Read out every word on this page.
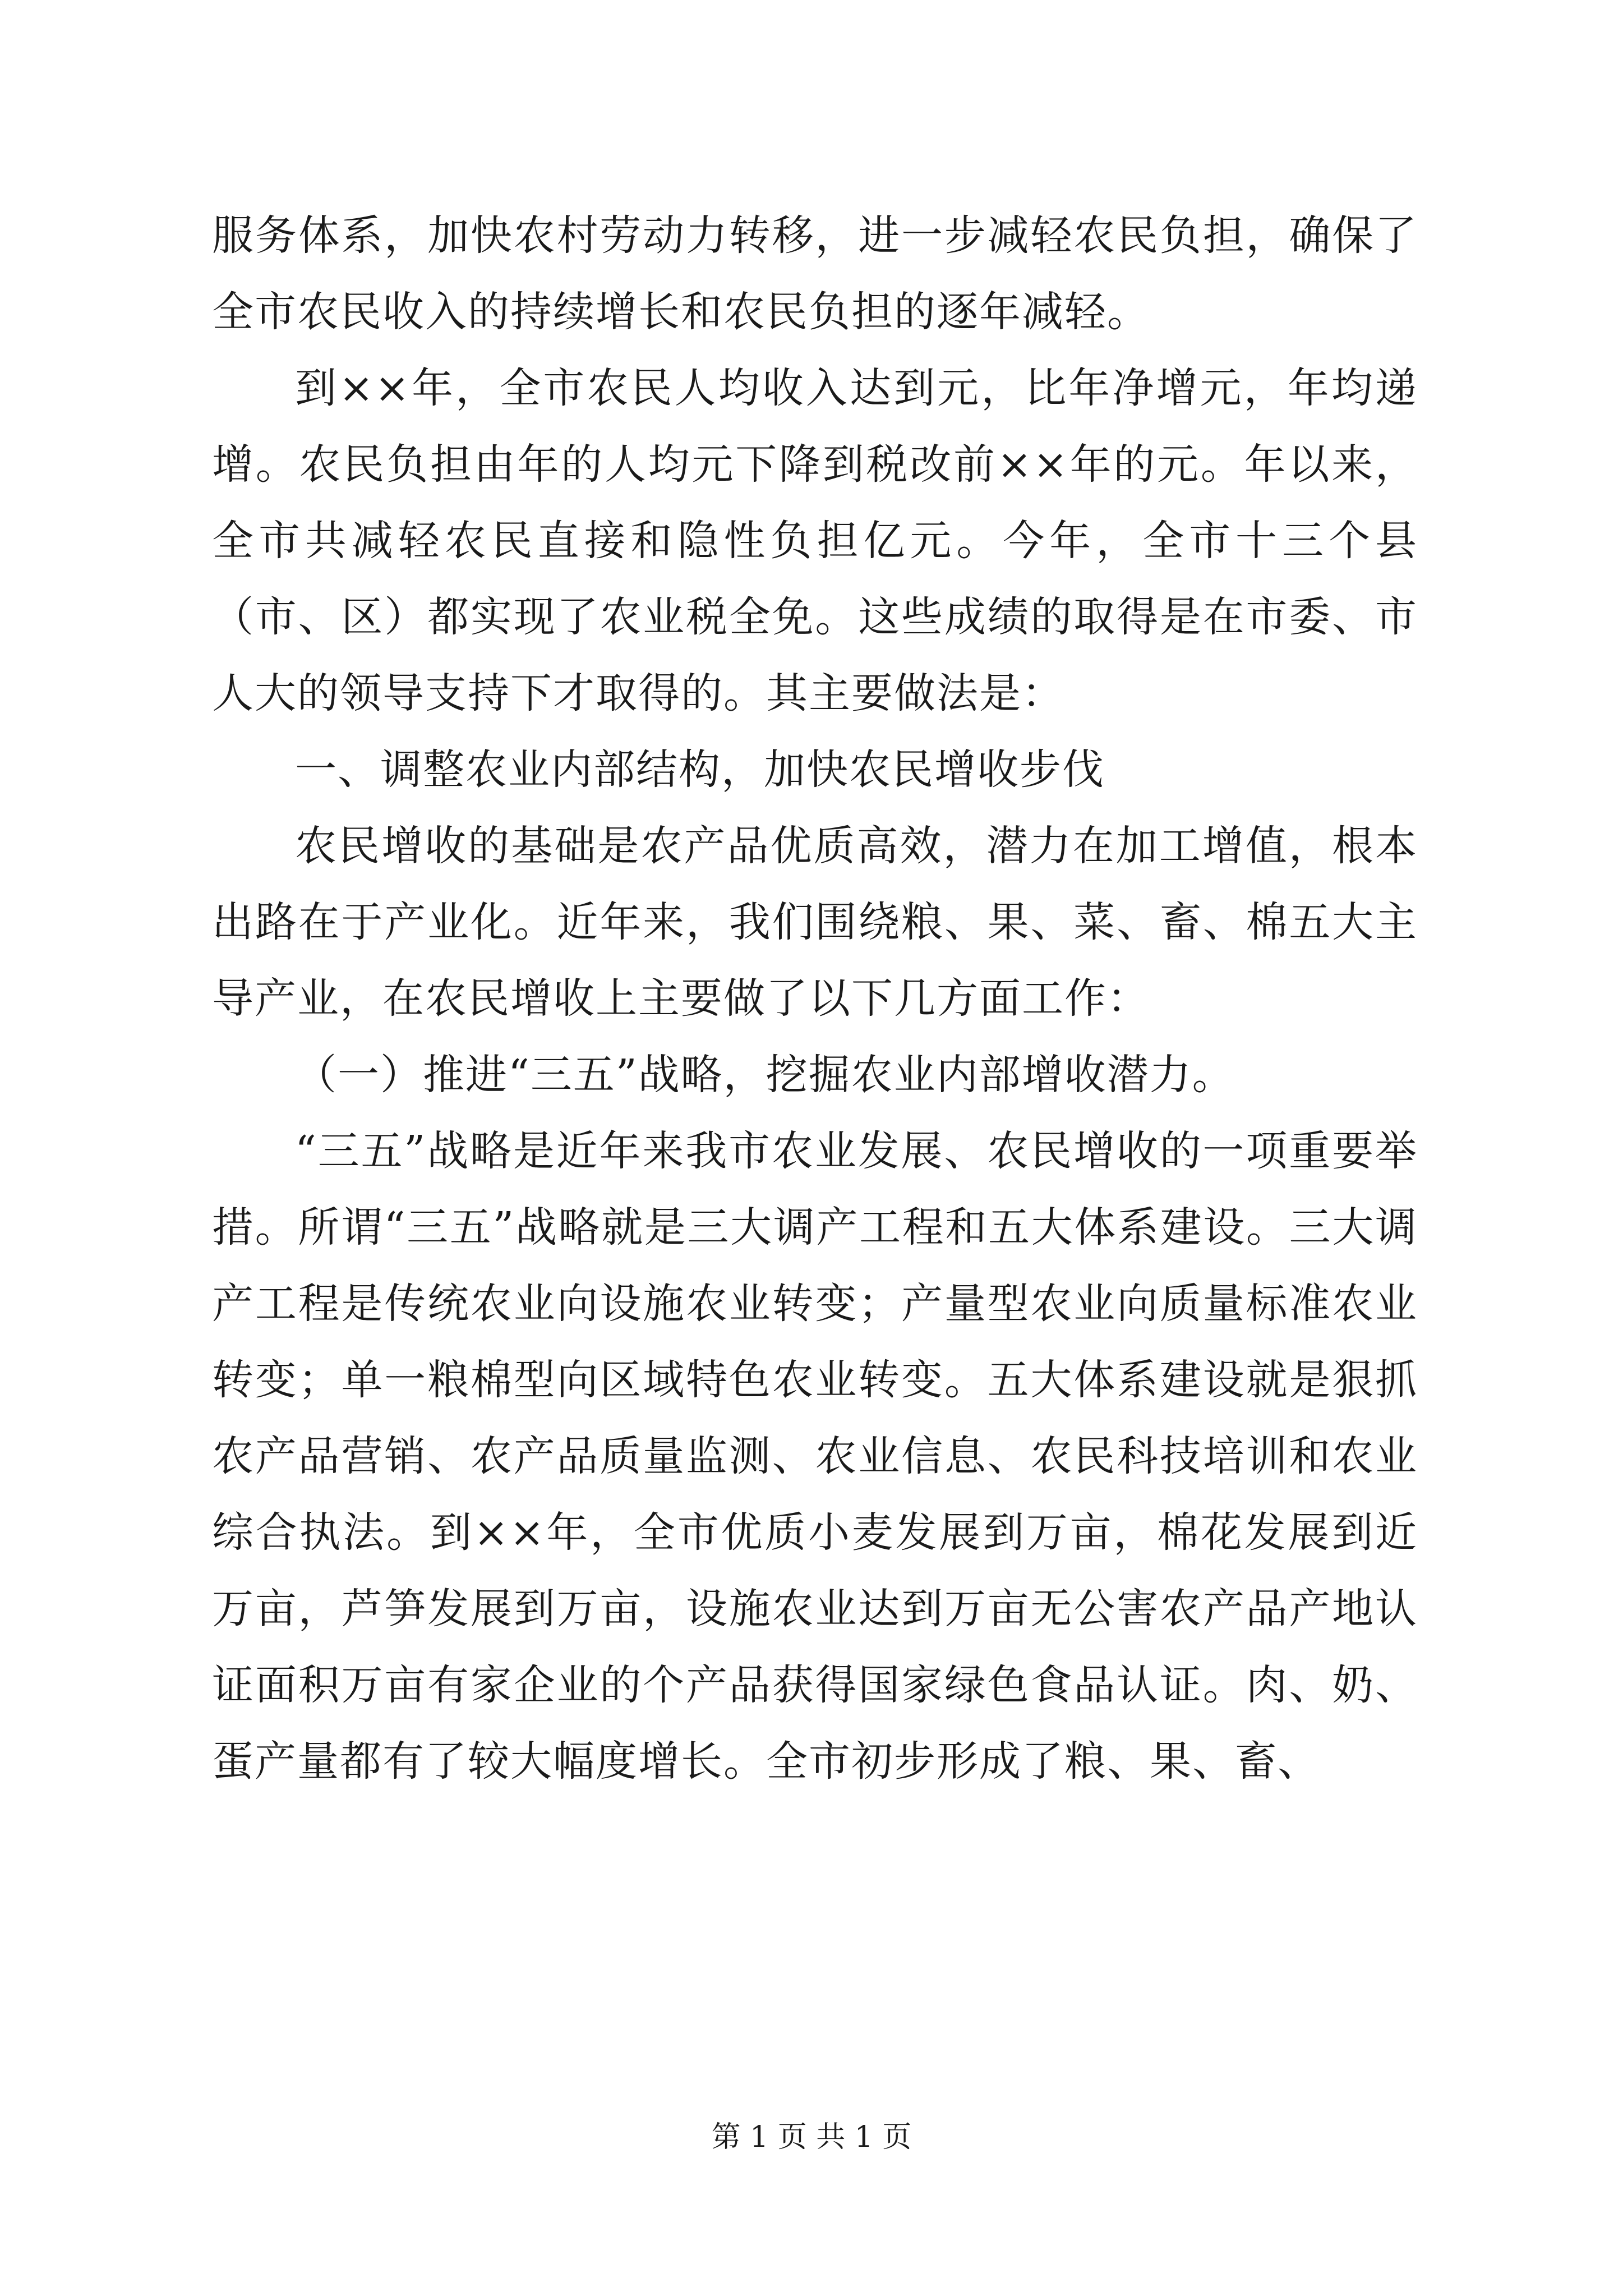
服务体系，加快农村劳动力转移，进一步减轻农民负担，确保了全市农民收入的持续增长和农民负担的逐年减轻。

到××年，全市农民人均收入达到元，比年净增元，年均递增。农民负担由年的人均元下降到税改前××年的元。年以来，全市共减轻农民直接和隐性负担亿元。今年，全市十三个县（市、区）都实现了农业税全免。这些成绩的取得是在市委、市人大的领导支持下才取得的。其主要做法是：

一、调整农业内部结构，加快农民增收步伐

农民增收的基础是农产品优质高效，潜力在加工增值，根本出路在于产业化。近年来，我们围绕粮、果、菜、畜、棉五大主导产业，在农民增收上主要做了以下几方面工作：

（一）推进“三五”战略，挖掘农业内部增收潜力。

“三五”战略是近年来我市农业发展、农民增收的一项重要举措。所谓“三五”战略就是三大调产工程和五大体系建设。三大调产工程是传统农业向设施农业转变；产量型农业向质量标准农业转变；单一粮棉型向区域特色农业转变。五大体系建设就是狠抓农产品营销、农产品质量监测、农业信息、农民科技培训和农业综合执法。到××年，全市优质小麦发展到万亩，棉花发展到近万亩，芦笋发展到万亩，设施农业达到万亩无公害农产品产地认证面积万亩有家企业的个产品获得国家绿色食品认证。肉、奶、蛋产量都有了较大幅度增长。全市初步形成了粮、果、畜、

第 1 页 共 1 页
